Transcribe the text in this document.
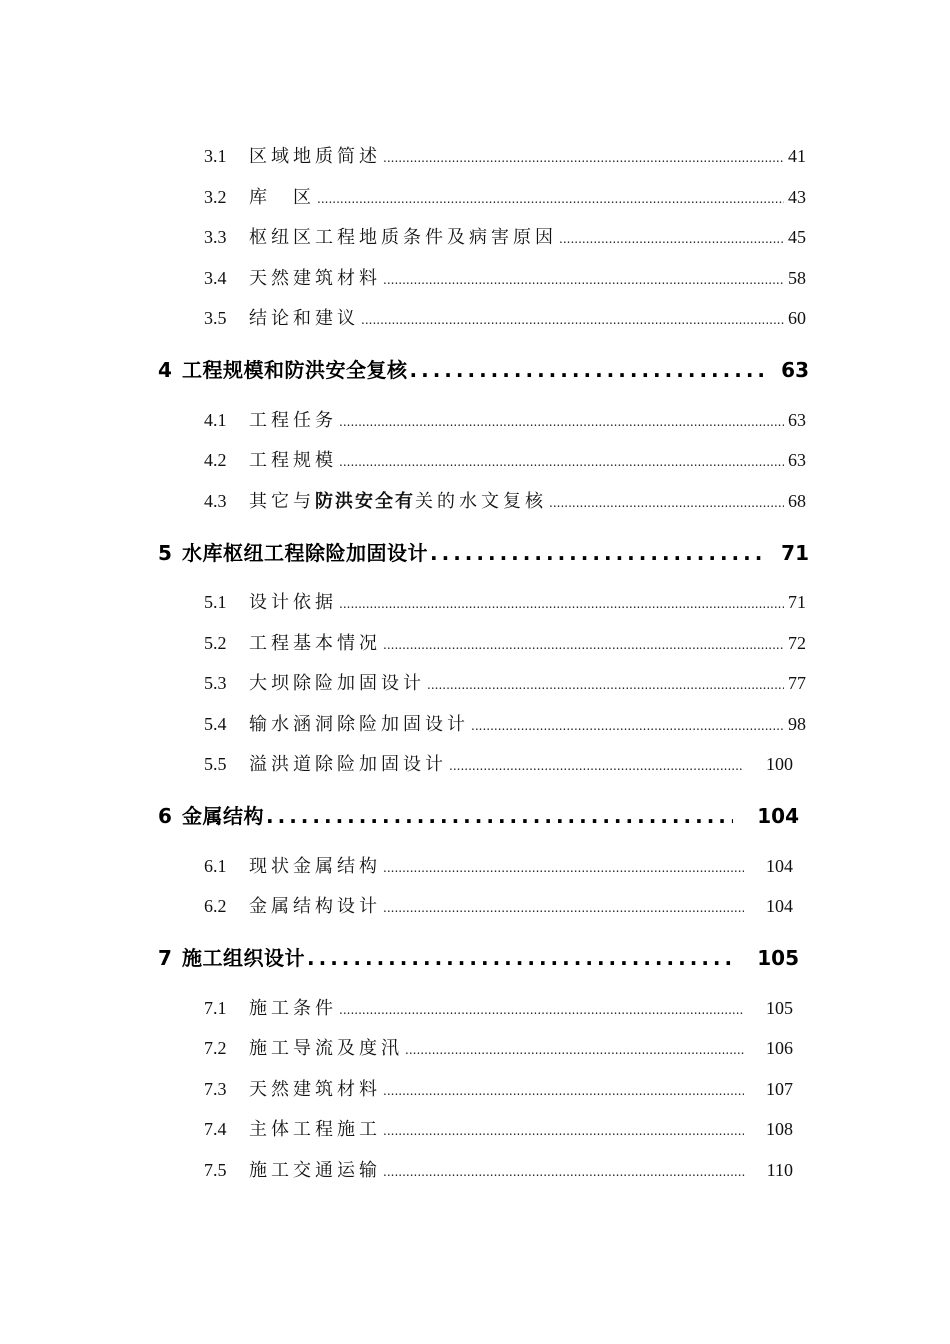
3.1	区域地质简述 .....	41
3.2	库　区 .....	43
3.3	枢纽区工程地质条件及病害原因 .....	45
3.4	天然建筑材料 .....	58
3.5	结论和建议 .....	60
4 工程规模和防洪安全复核 .....	63
4.1	工程任务 .....	63
4.2	工程规模 .....	63
4.3	其它与防洪安全有关的水文复核 .....	68
5 水库枢纽工程除险加固设计 .....	71
5.1	设计依据 .....	71
5.2	工程基本情况 .....	72
5.3	大坝除险加固设计 .....	77
5.4	输水涵洞除险加固设计 .....	98
5.5	溢洪道除险加固设计 .....	100
6 金属结构 .....	104
6.1	现状金属结构 .....	104
6.2	金属结构设计 .....	104
7 施工组织设计 .....	105
7.1	施工条件 .....	105
7.2	施工导流及度汛 .....	106
7.3	天然建筑材料 .....	107
7.4	主体工程施工 .....	108
7.5	施工交通运输 .....	110
